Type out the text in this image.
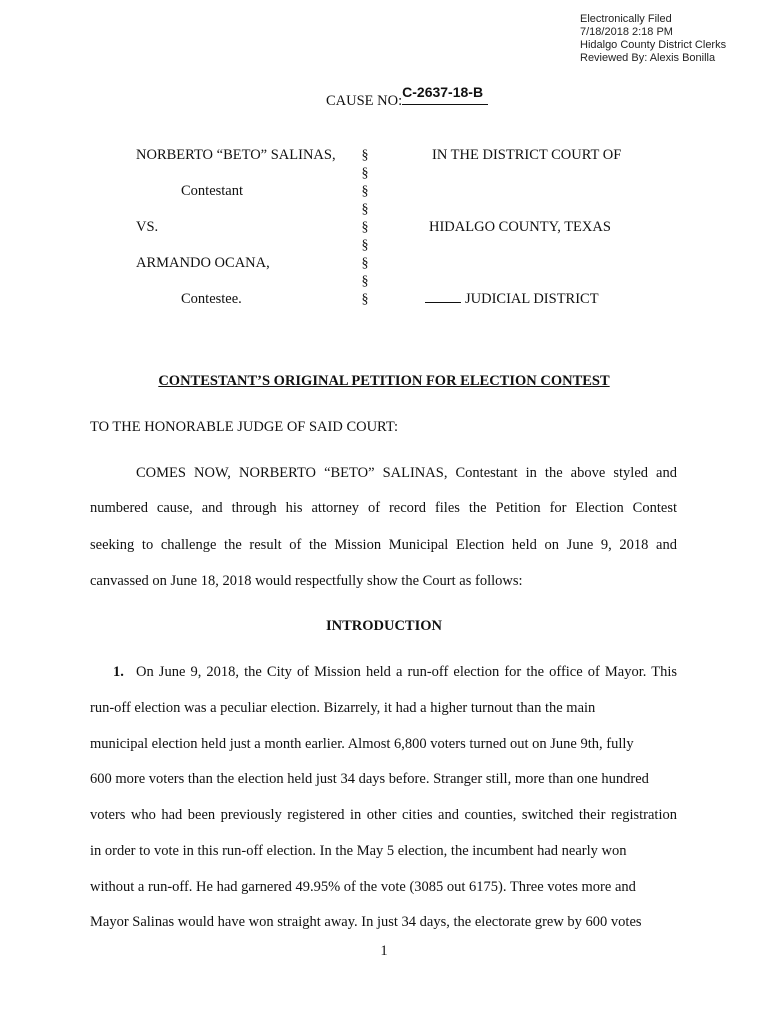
Electronically Filed
7/18/2018 2:18 PM
Hidalgo County District Clerks
Reviewed By: Alexis Bonilla
CAUSE NO:
C-2637-18-B
NORBERTO “BETO” SALINAS,
Contestant
VS.
ARMANDO OCANA,
Contestee.
§
§
§
§
§
§
§
§
§
IN THE DISTRICT COURT OF
HIDALGO COUNTY, TEXAS
JUDICIAL DISTRICT
CONTESTANT’S ORIGINAL PETITION FOR ELECTION CONTEST
TO THE HONORABLE JUDGE OF SAID COURT:
COMES NOW, NORBERTO “BETO” SALINAS, Contestant in the above styled and
numbered cause, and through his attorney of record files the Petition for Election Contest
seeking to challenge the result of the Mission Municipal Election held on June 9, 2018 and
canvassed on June 18, 2018 would respectfully show the Court as follows:
INTRODUCTION
1. On June 9, 2018, the City of Mission held a run-off election for the office of Mayor. This
run-off election was a peculiar election. Bizarrely, it had a higher turnout than the main
municipal election held just a month earlier. Almost 6,800 voters turned out on June 9th, fully
600 more voters than the election held just 34 days before. Stranger still, more than one hundred
voters who had been previously registered in other cities and counties, switched their registration
in order to vote in this run-off election. In the May 5 election, the incumbent had nearly won
without a run-off. He had garnered 49.95% of the vote (3085 out 6175). Three votes more and
Mayor Salinas would have won straight away. In just 34 days, the electorate grew by 600 votes
1
